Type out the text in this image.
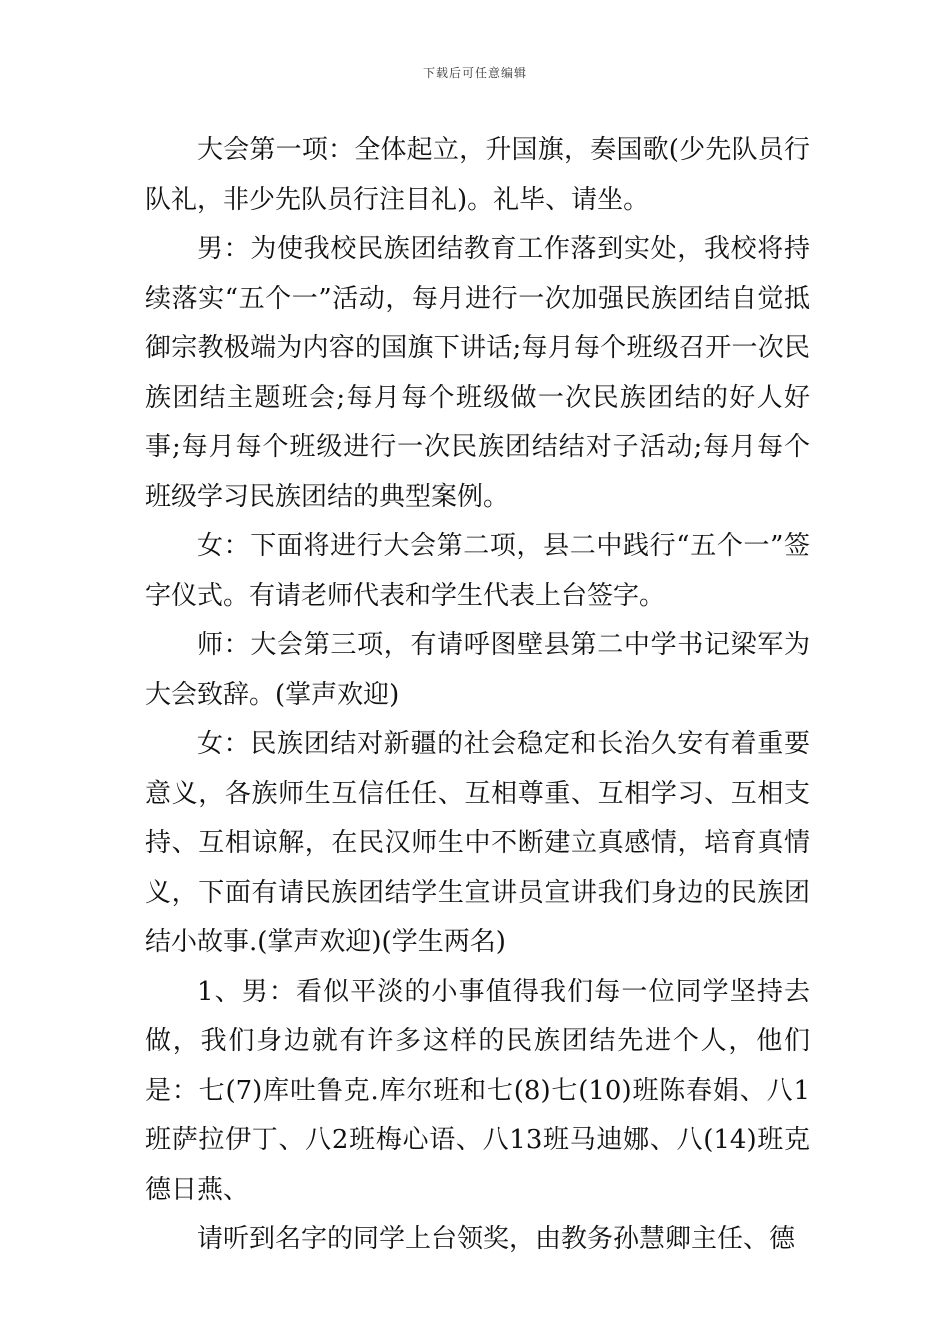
下载后可任意编辑

大会第一项：全体起立，升国旗，奏国歌(少先队员行队礼，非少先队员行注目礼)。礼毕、请坐。

男：为使我校民族团结教育工作落到实处，我校将持续落实“五个一”活动，每月进行一次加强民族团结自觉抵御宗教极端为内容的国旗下讲话;每月每个班级召开一次民族团结主题班会;每月每个班级做一次民族团结的好人好事;每月每个班级进行一次民族团结结对子活动;每月每个班级学习民族团结的典型案例。

女：下面将进行大会第二项，县二中践行“五个一”签字仪式。有请老师代表和学生代表上台签字。

师：大会第三项，有请呼图壁县第二中学书记梁军为大会致辞。(掌声欢迎)

女：民族团结对新疆的社会稳定和长治久安有着重要意义，各族师生互信任任、互相尊重、互相学习、互相支持、互相谅解，在民汉师生中不断建立真感情，培育真情义，下面有请民族团结学生宣讲员宣讲我们身边的民族团结小故事.(掌声欢迎)(学生两名)

1、男：看似平淡的小事值得我们每一位同学坚持去做，我们身边就有许多这样的民族团结先进个人，他们是：七(7)库吐鲁克.库尔班和七(8)七(10)班陈春娟、八1班萨拉伊丁、八2班梅心语、八13班马迪娜、八(14)班克德日燕、

请听到名字的同学上台领奖，由教务孙慧卿主任、德
